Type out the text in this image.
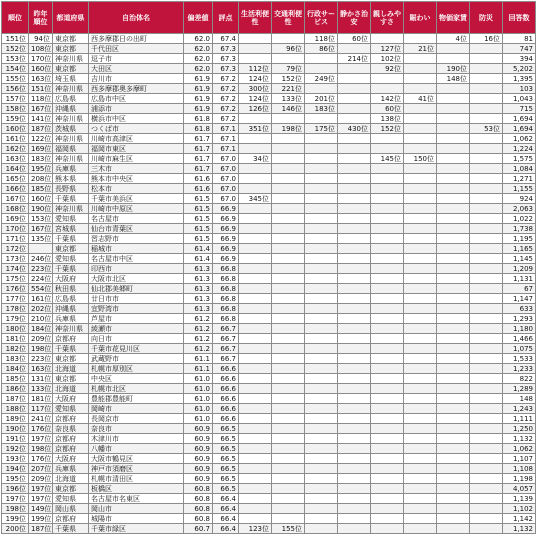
順位	昨年順位	都道府県	自治体名	偏差値	評点	生活利便性	交通利便性	行政サービス	静かさ治安	親しみやすさ	賑わい	物価家賃	防災	回答数
151位	94位	東京都	西多摩郡日の出町	62.0	67.4			118位	60位			4位	16位	81
152位	108位	東京都	千代田区	62.0	67.3		96位	86位		127位	21位			747
153位	170位	神奈川県	逗子市	62.0	67.3				214位	102位				394
154位	160位	東京都	大田区	62.0	67.3	112位	79位			92位		190位		5,202
155位	163位	埼玉県	吉川市	61.9	67.2	124位	152位	249位				148位		1,395
156位	151位	神奈川県	西多摩郡奥多摩町	61.9	67.2	300位	221位							103
157位	118位	広島県	広島市中区	61.9	67.2	124位	133位	201位		142位	41位			1,043
158位	167位	沖縄県	浦添市	61.9	67.2	126位	146位	183位		60位				715
159位	141位	神奈川県	横浜市中区	61.8	67.2					138位				1,694
160位	187位	茨城県	つくば市	61.8	67.1	351位	198位	175位	430位	152位			53位	1,694
161位	122位	神奈川県	川崎市高津区	61.7	67.1									1,062
162位	169位	福岡県	福岡市東区	61.7	67.1									1,224
163位	183位	神奈川県	川崎市麻生区	61.7	67.0	34位				145位	150位			1,575
164位	195位	兵庫県	三木市	61.7	67.0									1,084
165位	208位	熊本県	熊本市中央区	61.6	67.0									1,271
166位	185位	長野県	松本市	61.6	67.0									1,155
167位	160位	千葉県	千葉市美浜区	61.5	67.0	345位								924
168位	190位	神奈川県	川崎市中原区	61.5	66.9									2,063
169位	153位	愛知県	名古屋市	61.5	66.9									1,022
170位	167位	宮城県	仙台市青葉区	61.5	66.9									1,738
171位	135位	千葉県	習志野市	61.5	66.9									1,195
172位		東京都	稲城市	61.4	66.9									1,165
173位	246位	愛知県	名古屋市中区	61.4	66.9									1,145
174位	223位	千葉県	印西市	61.3	66.8									1,209
175位	224位	大阪府	大阪市北区	61.3	66.8									1,131
176位	554位	秋田県	仙北郡美郷町	61.3	66.8									67
177位	161位	広島県	廿日市市	61.3	66.8									1,147
178位	202位	沖縄県	宜野湾市	61.3	66.8									633
179位	210位	兵庫県	芦屋市	61.2	66.8									1,293
180位	184位	神奈川県	綾瀬市	61.2	66.7									1,180
181位	209位	京都府	向日市	61.2	66.7									1,466
182位	198位	千葉県	千葉市花見川区	61.2	66.7									1,075
183位	223位	東京都	武蔵野市	61.1	66.7									1,533
184位	163位	北海道	札幌市厚別区	61.1	66.6									1,233
185位	131位	東京都	中央区	61.0	66.6									822
186位	133位	北海道	札幌市北区	61.0	66.6									1,289
187位	181位	大阪府	豊能郡豊能町	61.0	66.6									148
188位	117位	愛知県	岡崎市	61.0	66.6									1,243
189位	241位	京都府	長岡京市	61.0	66.6									1,111
190位	176位	奈良県	奈良市	60.9	66.5									1,250
191位	197位	京都府	木津川市	60.9	66.5									1,132
192位	198位	京都府	八幡市	60.9	66.5									1,062
193位	176位	大阪府	大阪市鶴見区	60.9	66.5									1,107
194位	207位	兵庫県	神戸市須磨区	60.9	66.5									1,108
195位	209位	北海道	札幌市清田区	60.9	66.5									1,198
196位	197位	東京都	板橋区	60.8	66.5									4,057
197位	197位	愛知県	名古屋市名東区	60.8	66.4									1,139
198位	149位	岡山県	岡山市	60.8	66.4									1,102
199位	199位	京都府	城陽市	60.8	66.4									1,142
200位	187位	千葉県	千葉市緑区	60.7	66.4	123位	155位							1,132
